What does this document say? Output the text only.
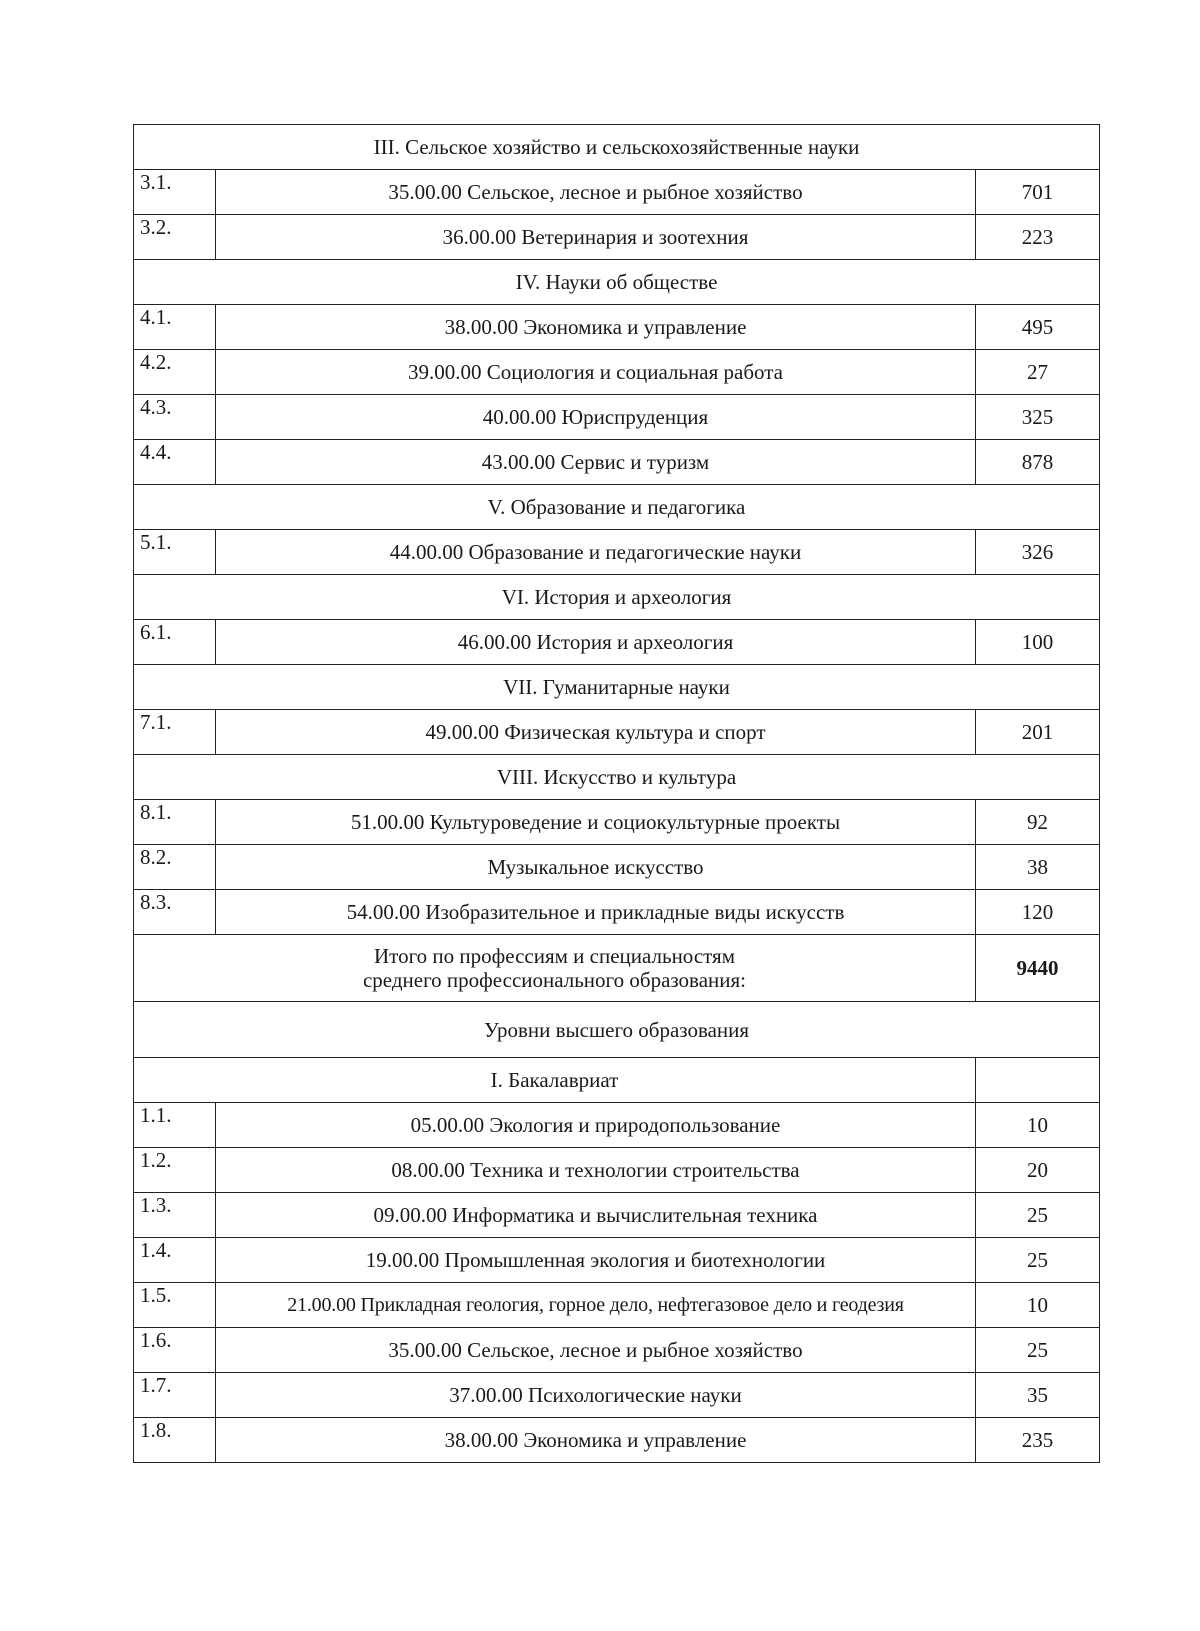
III. Сельское хозяйство и сельскохозяйственные науки		
3.1.	35.00.00 Сельское, лесное и рыбное хозяйство	701
3.2.	36.00.00 Ветеринария и зоотехния	223
IV. Науки об обществе		
4.1.	38.00.00 Экономика и управление	495
4.2.	39.00.00 Социология и социальная работа	27
4.3.	40.00.00 Юриспруденция	325
4.4.	43.00.00 Сервис и туризм	878
V. Образование и педагогика		
5.1.	44.00.00 Образование и педагогические науки	326
VI. История и археология		
6.1.	46.00.00 История и археология	100
VII. Гуманитарные науки		
7.1.	49.00.00 Физическая культура и спорт	201
VIII. Искусство и культура		
8.1.	51.00.00 Культуроведение и социокультурные проекты	92
8.2.	Музыкальное искусство	38
8.3.	54.00.00 Изобразительное и прикладные виды искусств	120
Итого по профессиям и специальностям
среднего профессионального образования:		9440
Уровни высшего образования		
I. Бакалавриат		
1.1.	05.00.00 Экология и природопользование	10
1.2.	08.00.00 Техника и технологии строительства	20
1.3.	09.00.00 Информатика и вычислительная техника	25
1.4.	19.00.00 Промышленная экология и биотехнологии	25
1.5.	21.00.00 Прикладная геология, горное дело, нефтегазовое дело и геодезия	10
1.6.	35.00.00 Сельское, лесное и рыбное хозяйство	25
1.7.	37.00.00 Психологические науки	35
1.8.	38.00.00 Экономика и управление	235
